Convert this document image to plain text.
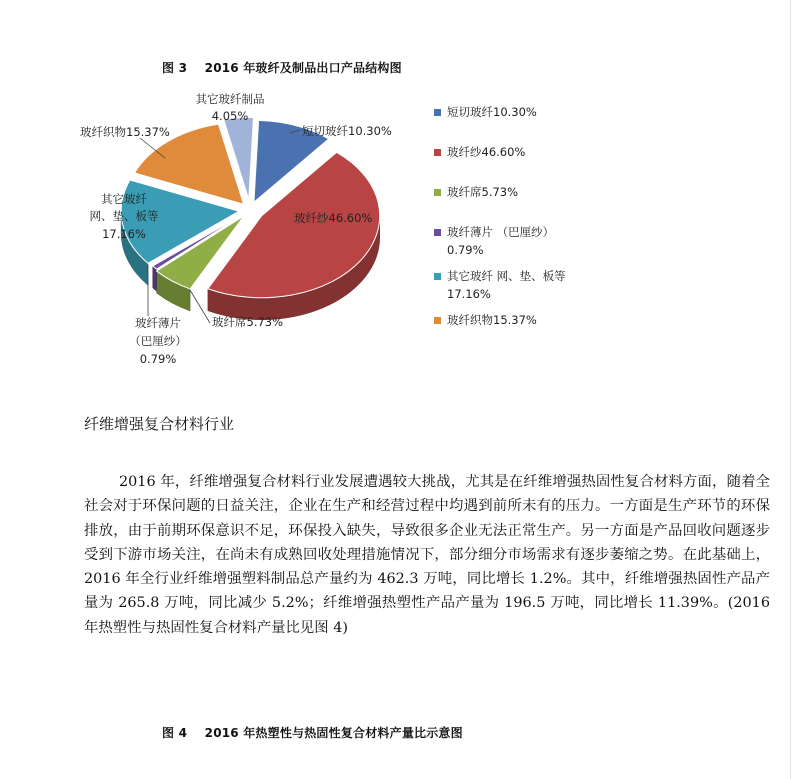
图 3    2016 年玻纤及制品出口产品结构图
短切玻纤10.30%
玻纤纱46.60%
玻纤席5.73%
玻纤薄片
（巴厘纱）
0.79%
其它玻纤
网、垫、板等
17.16%
玻纤织物15.37%
其它玻纤制品
4.05%	短切玻纤10.30%
玻纤纱46.60%
玻纤席5.73%
玻纤薄片 （巴厘纱）
0.79%
其它玻纤 网、垫、板等
17.16%
玻纤织物15.37%
纤维增强复合材料行业

2016 年，纤维增强复合材料行业发展遭遇较大挑战，尤其是在纤维增强热固性复合材料方面，随着全社会对于环保问题的日益关注，企业在生产和经营过程中均遇到前所未有的压力。一方面是生产环节的环保排放，由于前期环保意识不足，环保投入缺失，导致很多企业无法正常生产。另一方面是产品回收问题逐步受到下游市场关注，在尚未有成熟回收处理措施情况下，部分细分市场需求有逐步萎缩之势。在此基础上，2016 年全行业纤维增强塑料制品总产量约为 462.3 万吨，同比增长 1.2%。其中，纤维增强热固性产品产量为 265.8 万吨，同比减少 5.2%；纤维增强热塑性产品产量为 196.5 万吨，同比增长 11.39%。(2016 年热塑性与热固性复合材料产量比见图 4)

图 4    2016 年热塑性与热固性复合材料产量比示意图
